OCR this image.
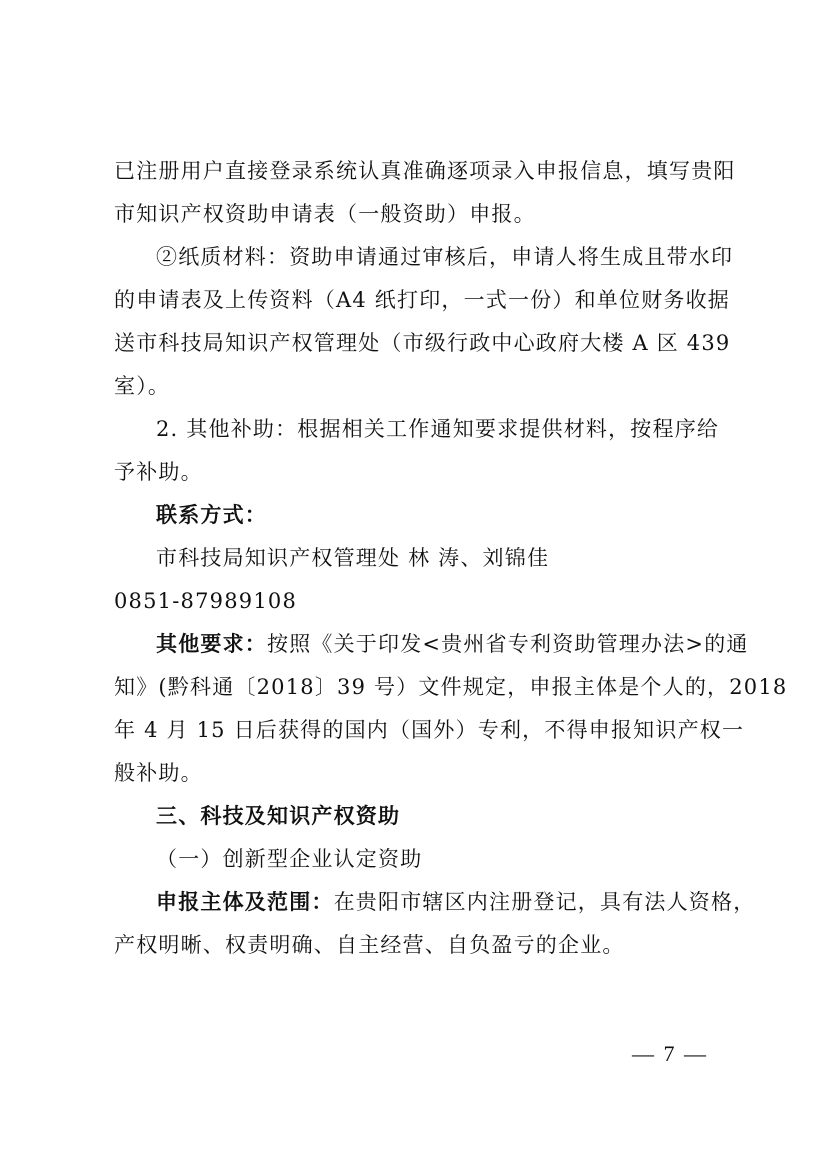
已注册用户直接登录系统认真准确逐项录入申报信息，填写贵阳
市知识产权资助申请表（一般资助）申报。
②纸质材料：资助申请通过审核后，申请人将生成且带水印
的申请表及上传资料（A4 纸打印，一式一份）和单位财务收据
送市科技局知识产权管理处（市级行政中心政府大楼 A 区 439
室）。
2. 其他补助：根据相关工作通知要求提供材料，按程序给
予补助。
联系方式：
市科技局知识产权管理处 林 涛、刘锦佳
0851-87989108
其他要求：按照《关于印发<贵州省专利资助管理办法>的通
知》(黔科通〔2018〕39 号）文件规定，申报主体是个人的，2018
年 4 月 15 日后获得的国内（国外）专利，不得申报知识产权一
般补助。
三、科技及知识产权资助
（一）创新型企业认定资助
申报主体及范围：在贵阳市辖区内注册登记，具有法人资格，
产权明晰、权责明确、自主经营、自负盈亏的企业。
— 7 —
